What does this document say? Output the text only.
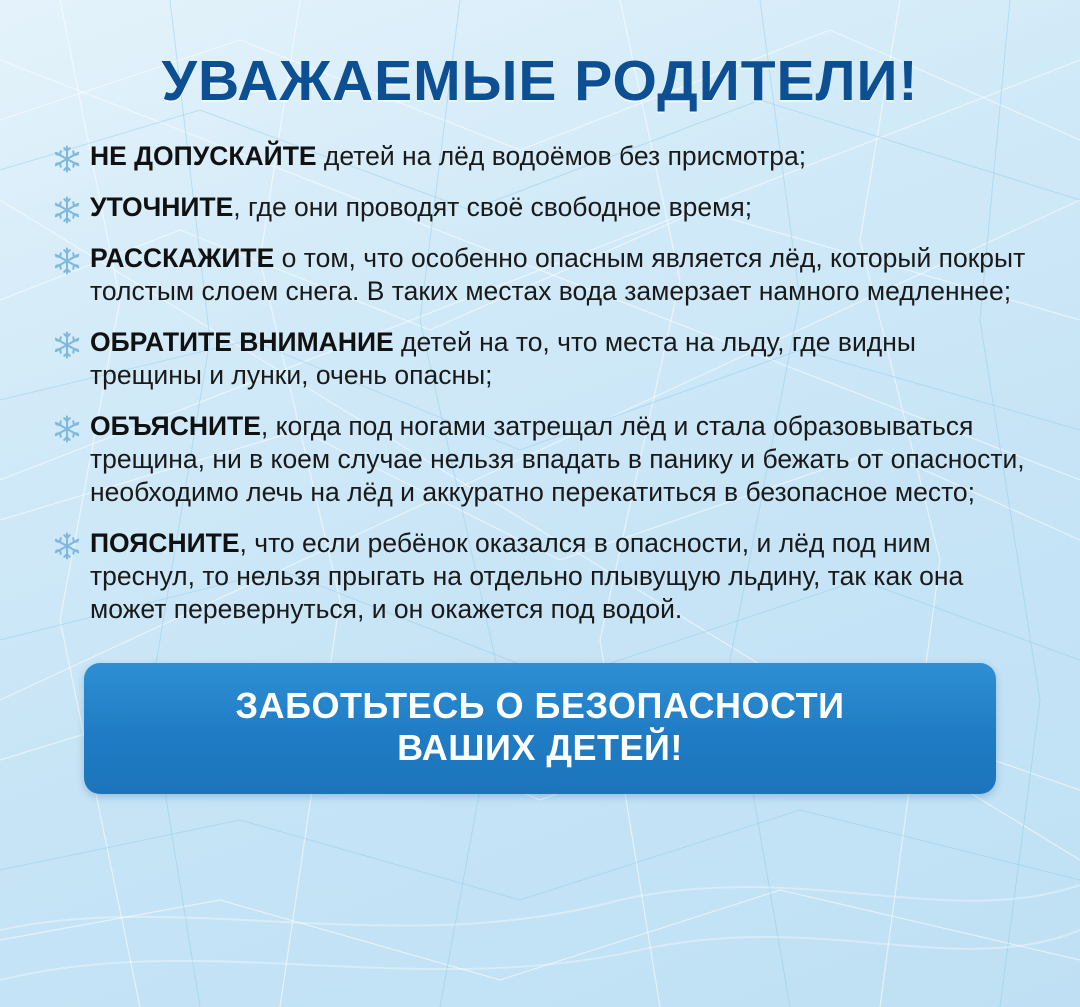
УВАЖАЕМЫЕ РОДИТЕЛИ!
НЕ ДОПУСКАЙТЕ детей на лёд водоёмов без присмотра;
УТОЧНИТЕ, где они проводят своё свободное время;
РАССКАЖИТЕ о том, что особенно опасным является лёд, который покрыт толстым слоем снега. В таких местах вода замерзает намного медленнее;
ОБРАТИТЕ ВНИМАНИЕ детей на то, что места на льду, где видны трещины и лунки, очень опасны;
ОБЪЯСНИТЕ, когда под ногами затрещал лёд и стала образовываться трещина, ни в коем случае нельзя впадать в панику и бежать от опасности, необходимо лечь на лёд и аккуратно перекатиться в безопасное место;
ПОЯСНИТЕ, что если ребёнок оказался в опасности, и лёд под ним треснул, то нельзя прыгать на отдельно плывущую льдину, так как она может перевернуться, и он окажется под водой.
ЗАБОТЬТЕСЬ О БЕЗОПАСНОСТИ
ВАШИХ ДЕТЕЙ!
